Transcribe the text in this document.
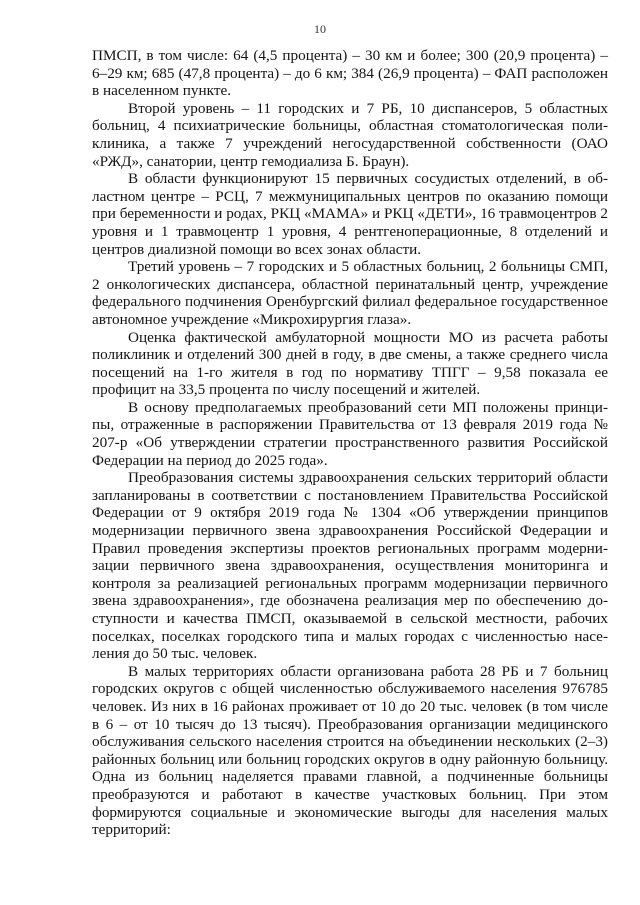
10

ПМСП, в том числе: 64 (4,5 процента) – 30 км и более; 300 (20,9 процента) – 6–29 км; 685 (47,8 процента) – до 6 км; 384 (26,9 процента) – ФАП расположен в населенном пункте.

Второй уровень – 11 городских и 7 РБ, 10 диспансеров, 5 областных больниц, 4 психиатрические больницы, областная стоматологическая поликлиника, а также 7 учреждений негосударственной собственности (ОАО «РЖД», санатории, центр гемодиализа Б. Браун).

В области функционируют 15 первичных сосудистых отделений, в областном центре – РСЦ, 7 межмуниципальных центров по оказанию помощи при беременности и родах, РКЦ «МАМА» и РКЦ «ДЕТИ», 16 травмоцентров 2 уровня и 1 травмоцентр 1 уровня, 4 рентгеноперационные, 8 отделений и центров диализной помощи во всех зонах области.

Третий уровень – 7 городских и 5 областных больниц, 2 больницы СМП, 2 онкологических диспансера, областной перинатальный центр, учреждение федерального подчинения Оренбургский филиал федеральное государственное автономное учреждение «Микрохирургия глаза».

Оценка фактической амбулаторной мощности МО из расчета работы поликлиник и отделений 300 дней в году, в две смены, а также среднего числа посещений на 1-го жителя в год по нормативу ТПГГ – 9,58 показала ее профицит на 33,5 процента по числу посещений и жителей.

В основу предполагаемых преобразований сети МП положены принципы, отраженные в распоряжении Правительства от 13 февраля 2019 года № 207-р «Об утверждении стратегии пространственного развития Российской Федерации на период до 2025 года».

Преобразования системы здравоохранения сельских территорий области запланированы в соответствии с постановлением Правительства Российской Федерации от 9 октября 2019 года № 1304 «Об утверждении принципов модернизации первичного звена здравоохранения Российской Федерации и Правил проведения экспертизы проектов региональных программ модернизации первичного звена здравоохранения, осуществления мониторинга и контроля за реализацией региональных программ модернизации первичного звена здравоохранения», где обозначена реализация мер по обеспечению доступности и качества ПМСП, оказываемой в сельской местности, рабочих поселках, поселках городского типа и малых городах с численностью населения до 50 тыс. человек.

В малых территориях области организована работа 28 РБ и 7 больниц городских округов с общей численностью обслуживаемого населения 976785 человек. Из них в 16 районах проживает от 10 до 20 тыс. человек (в том числе в 6 – от 10 тысяч до 13 тысяч). Преобразования организации медицинского обслуживания сельского населения строится на объединении нескольких (2–3) районных больниц или больниц городских округов в одну районную больницу. Одна из больниц наделяется правами главной, а подчиненные больницы преобразуются и работают в качестве участковых больниц. При этом формируются социальные и экономические выгоды для населения малых территорий:
